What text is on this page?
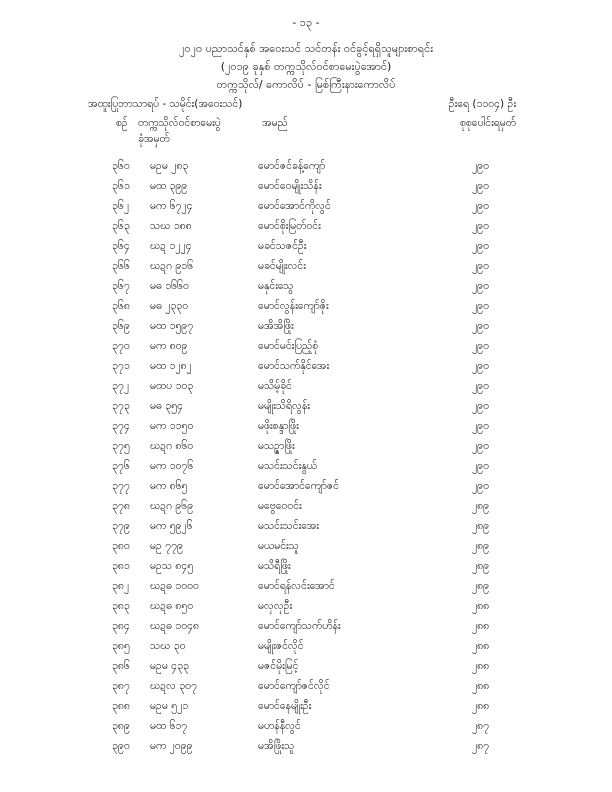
- ၁၃ -
၂၀၂၀ ပညာသင်နှစ် အဝေးသင် သင်တန်း ဝင်ခွင့်ရရှိသူများစာရင်း
(၂၀၁၉ ခုနှစ် တက္ကသိုလ်ဝင်စာမေးပွဲအောင်)
တက္ကသိုလ်/ ကောလိပ် - မြစ်ကြီးနားကောလိပ်
အထူးပြုဘာသာရပ် - သမိုင်း(အဝေးသင်)	ဦးရေ (၁၁၀၄) ဦး
စဉ် တက္ကသိုလ်ဝင်စာမေးပွဲ
ခုံအမှတ်
အမည်	စုစုပေါင်းရမှတ်
၃၆၀ မဥမ ၂၈၃	မောင်ဇင်ခန့်ကျော်	၂၉၀
၃၆၁ မထ ၃၉၉	မောင်ဝေမျိုးသိန်း	၂၉၀
၃၆၂ မက ၆၇၂၄	မောင်အောင်ကိုလွင်	၂၉၀
၃၆၃ သဃ ၁၈၈	မောင်စိုးမြတ်ဝင်း	၂၉၀
၃၆၄ ဃဍ ၁၂၂၄	မခင်သဇင်ဦး	၂၉၀
၃၆၆ ဃဍဂ ၉၁၆	မခင်မျိုးလင်း	၂၉၀
၃၆၇ မဓ ၁၆၆၀	မနှင်းသွေ	၂၉၀
၃၆၈ မဓ ၂၃၃၀	မောင်လွန်းကျော်ဇိုး	၂၉၀
၃၆၉ မထ ၁၅၉၇	မအိအိဖြိုး	၂၉၀
၃၇၀ မက ၈၀၉	မောင်မင်းပြည့်စုံ	၂၉၀
၃၇၁ မထ ၁၂၈၂	မောင်သက်နိုင်အေး	၂၉၀
၃၇၂ မထပ ၁၀၃	မသိမ့်ခိုင်	၂၉၀
၃၇၃ မဓ ၃၅၄	မမျိုးသိရိလွန်း	၂၉၀
၃၇၄ မက ၁၁၅၀	မဖိုးစန္ဒာဖြိုး	၂၉၀
၃၇၅ ဃဍဂ ၈၆၀	မသဥ္ဇာဖြိုး	၂၉၀
၃၇၆ မက ၁၀၇၆	မသင်းသင်းနွယ်	၂၉၀
၃၇၇ မက ၈၆၅	မောင်အောင်ကျော်ဇင်	၂၉၀
၃၇၈ ဃဍဂ ၉၆၉	မဗွေဝေဝင်း	၂၈၉
၃၇၉ မက ၅၉၂၆	မသင်းသင်းအေး	၂၈၉
၃၈၀ မဥ ၇၇၉	မယမင်းသူ	၂၈၉
၃၈၁ မဥသ ၈၄၅	မသိရီဖြိုး	၂၈၉
၃၈၂ ဃဍဓ ၁၀၀၀	မောင်ရန်လင်းအောင်	၂၈၉
၃၈၃ ဃဍဓ ၈၅၀	မလှလှဦး	၂၈၈
၃၈၄ ဃဍဓ ၁၀၄၈	မောင်ကျော်သက်ဟိန်း	၂၈၈
၃၈၅ သဃ ၃၀	မမျိုးဇင်လိုင်	၂၈၈
၃၈၆ မဥမ ၄၃၃	မဇင်မိုးမြင့်	၂၈၈
၃၈၇ ဃဍလ ၃၀၇	မောင်ကျော်ဇင်လိုင်	၂၈၈
၃၈၈ မဥမ ၅၂၁	မောင်နေမျိုးဦး	၂၈၈
၃၈၉ မထ ၆၁၇	မဟန်နီလွင်	၂၈၇
၃၉၀ မက ၂၀၉၉	မအိဖြိုးသူ	၂၈၇
